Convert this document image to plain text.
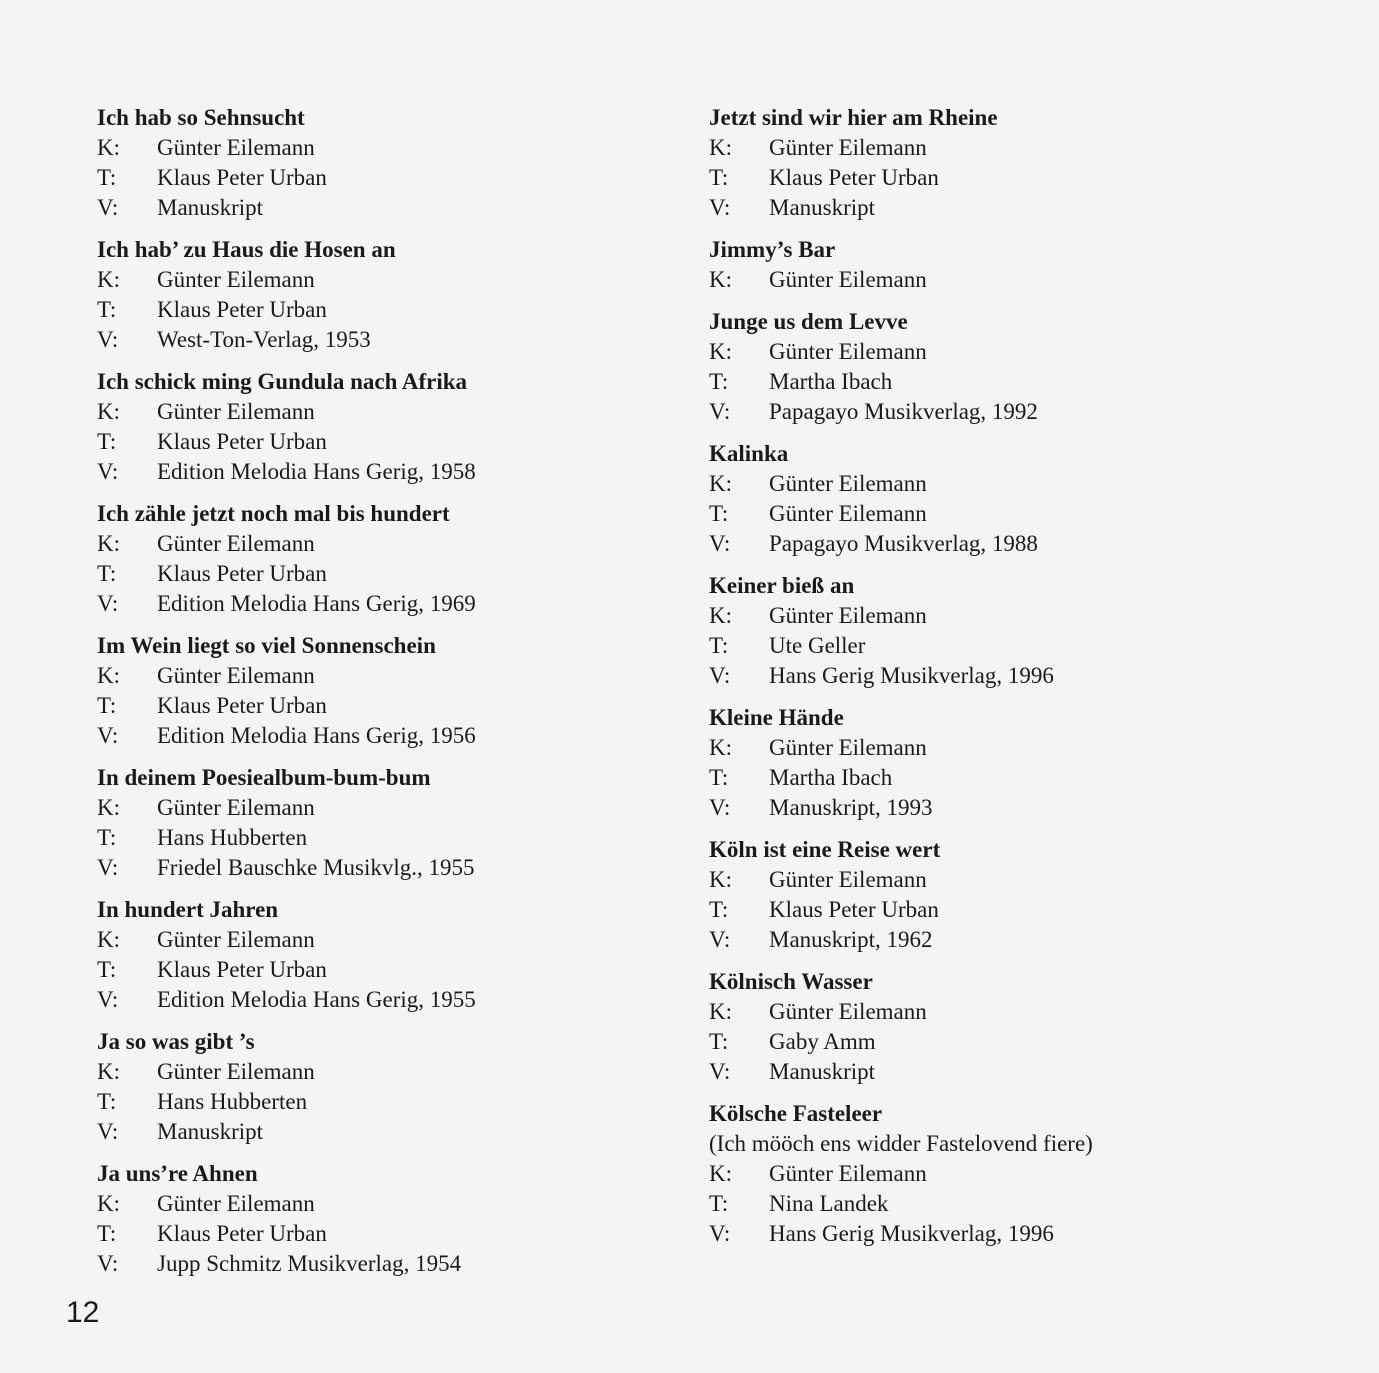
Ich hab so Sehnsucht
K:	Günter Eilemann
T:	Klaus Peter Urban
V:	Manuskript
Ich hab’ zu Haus die Hosen an
K:	Günter Eilemann
T:	Klaus Peter Urban
V:	West-Ton-Verlag, 1953
Ich schick ming Gundula nach Afrika
K:	Günter Eilemann
T:	Klaus Peter Urban
V:	Edition Melodia Hans Gerig, 1958
Ich zähle jetzt noch mal bis hundert
K:	Günter Eilemann
T:	Klaus Peter Urban
V:	Edition Melodia Hans Gerig, 1969
Im Wein liegt so viel Sonnenschein
K:	Günter Eilemann
T:	Klaus Peter Urban
V:	Edition Melodia Hans Gerig, 1956
In deinem Poesiealbum-bum-bum
K:	Günter Eilemann
T:	Hans Hubberten
V:	Friedel Bauschke Musikvlg., 1955
In hundert Jahren
K:	Günter Eilemann
T:	Klaus Peter Urban
V:	Edition Melodia Hans Gerig, 1955
Ja so was gibt ’s
K:	Günter Eilemann
T:	Hans Hubberten
V:	Manuskript
Ja uns’re Ahnen
K:	Günter Eilemann
T:	Klaus Peter Urban
V:	Jupp Schmitz Musikverlag, 1954
Jetzt sind wir hier am Rheine
K:	Günter Eilemann
T:	Klaus Peter Urban
V:	Manuskript
Jimmy’s Bar
K:	Günter Eilemann
Junge us dem Levve
K:	Günter Eilemann
T:	Martha Ibach
V:	Papagayo Musikverlag, 1992
Kalinka
K:	Günter Eilemann
T:	Günter Eilemann
V:	Papagayo Musikverlag, 1988
Keiner biеß an
K:	Günter Eilemann
T:	Ute Geller
V:	Hans Gerig Musikverlag, 1996
Kleine Hände
K:	Günter Eilemann
T:	Martha Ibach
V:	Manuskript, 1993
Köln ist eine Reise wert
K:	Günter Eilemann
T:	Klaus Peter Urban
V:	Manuskript, 1962
Kölnisch Wasser
K:	Günter Eilemann
T:	Gaby Amm
V:	Manuskript
Kölsche Fasteleer
(Ich mööch ens widder Fastelovend fiere)
K:	Günter Eilemann
T:	Nina Landek
V:	Hans Gerig Musikverlag, 1996
12
